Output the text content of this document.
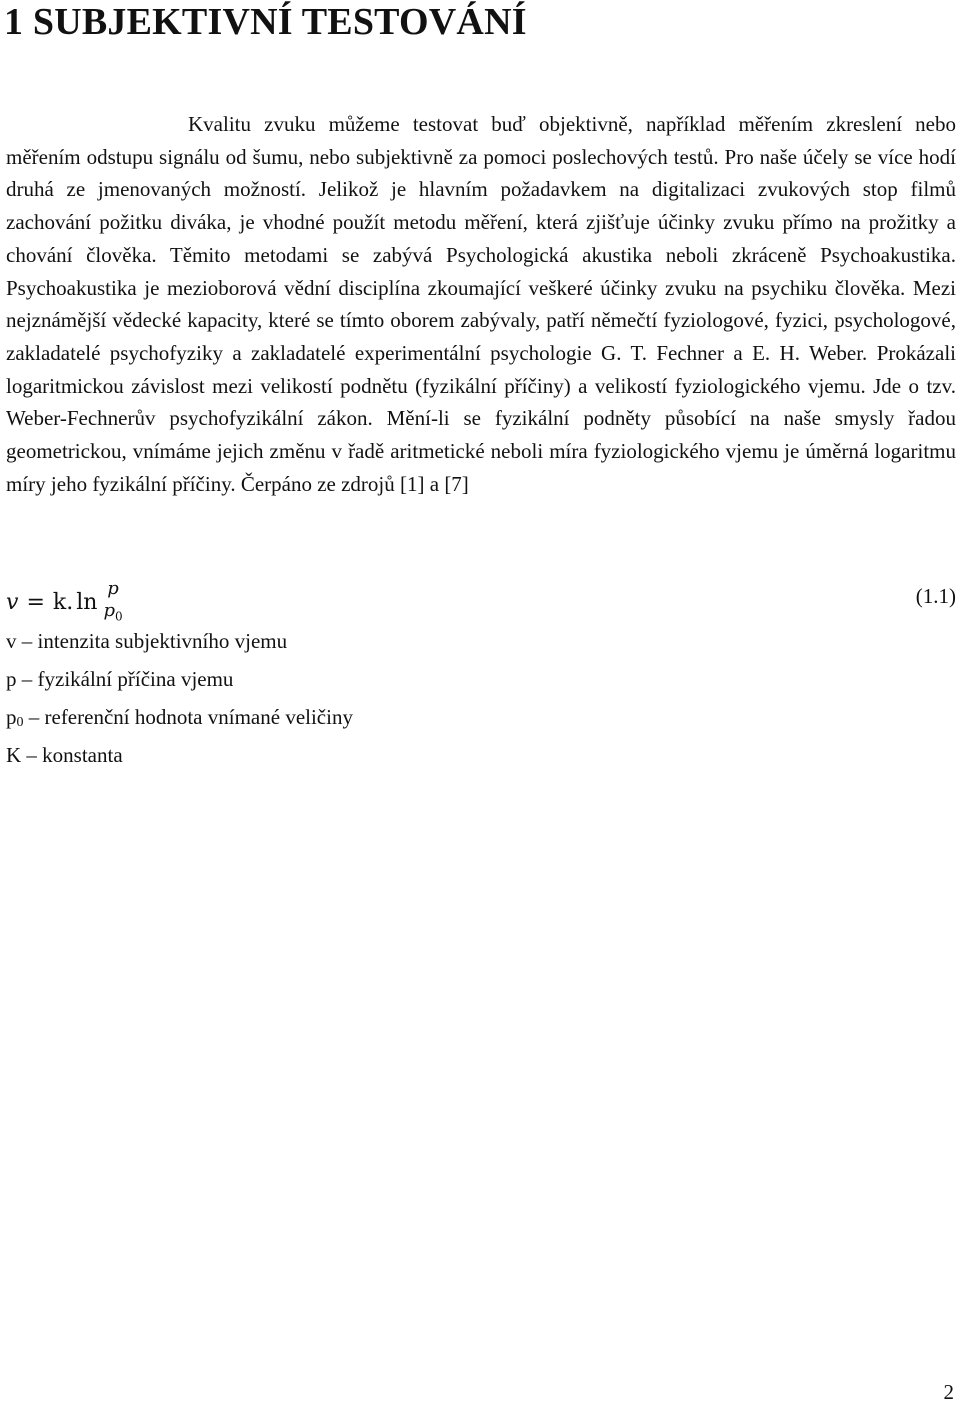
1 SUBJEKTIVNÍ TESTOVÁNÍ

Kvalitu zvuku můžeme testovat buď objektivně, například měřením zkreslení nebo měřením odstupu signálu od šumu, nebo subjektivně za pomoci poslechových testů. Pro naše účely se více hodí druhá ze jmenovaných možností. Jelikož je hlavním požadavkem na digitalizaci zvukových stop filmů zachování požitku diváka, je vhodné použít metodu měření, která zjišťuje účinky zvuku přímo na prožitky a chování člověka. Těmito metodami se zabývá Psychologická akustika neboli zkráceně Psychoakustika. Psychoakustika je mezioborová vědní disciplína zkoumající veškeré účinky zvuku na psychiku člověka. Mezi nejznámější vědecké kapacity, které se tímto oborem zabývaly, patří němečtí fyziologové, fyzici, psychologové, zakladatelé psychofyziky a zakladatelé experimentální psychologie G. T. Fechner a E. H. Weber. Prokázali logaritmickou závislost mezi velikostí podnětu (fyzikální příčiny) a velikostí fyziologického vjemu. Jde o tzv. Weber-Fechnerův psychofyzikální zákon. Mění-li se fyzikální podněty působící na naše smysly řadou geometrickou, vnímáme jejich změnu v řadě aritmetické neboli míra fyziologického vjemu je úměrná logaritmu míry jeho fyzikální příčiny. Čerpáno ze zdrojů [1] a [7]

v = k . ln
p
$p_0$
(1.1)
v – intenzita subjektivního vjemu
p – fyzikální příčina vjemu
$p_0$ – referenční hodnota vnímané veličiny
K – konstanta
2
